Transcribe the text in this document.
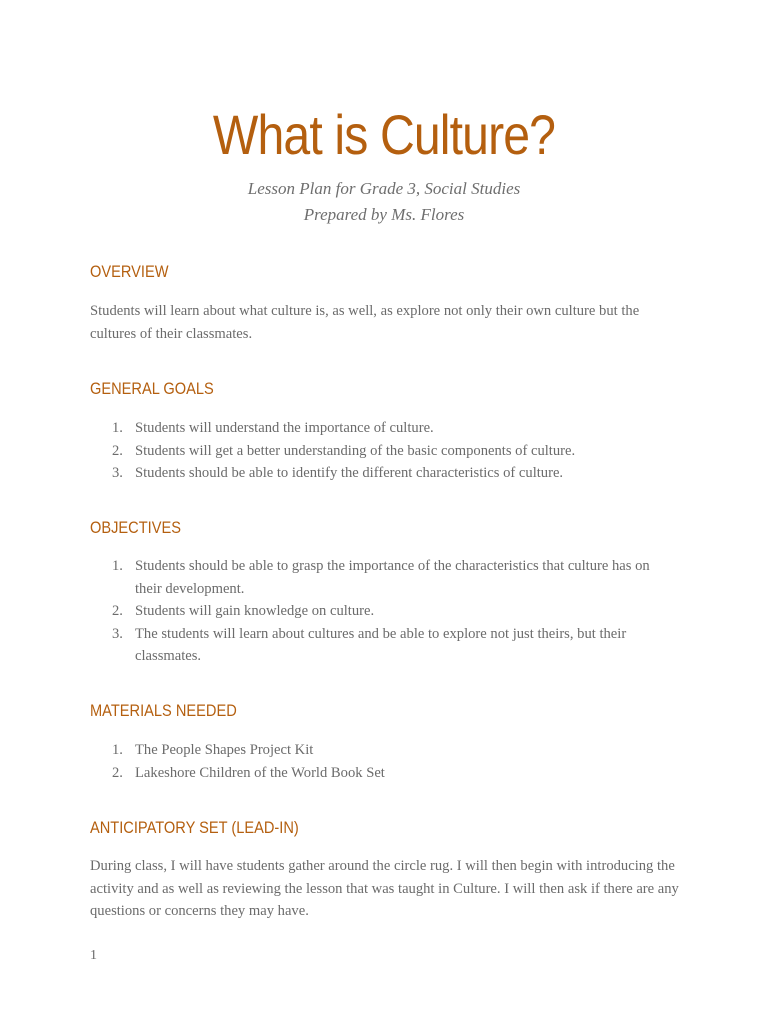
What is Culture?
Lesson Plan for Grade 3, Social Studies
Prepared by Ms. Flores
OVERVIEW
Students will learn about what culture is, as well, as explore not only their own culture but the cultures of their classmates.
GENERAL GOALS
1. Students will understand the importance of culture.
2. Students will get a better understanding of the basic components of culture.
3. Students should be able to identify the different characteristics of culture.
OBJECTIVES
1. Students should be able to grasp the importance of the characteristics that culture has on their development.
2. Students will gain knowledge on culture.
3. The students will learn about cultures and be able to explore not just theirs, but their classmates.
MATERIALS NEEDED
1. The People Shapes Project Kit
2. Lakeshore Children of the World Book Set
ANTICIPATORY SET (LEAD-IN)
During class, I will have students gather around the circle rug. I will then begin with introducing the activity and as well as reviewing the lesson that was taught in Culture. I will then ask if there are any questions or concerns they may have.
1
